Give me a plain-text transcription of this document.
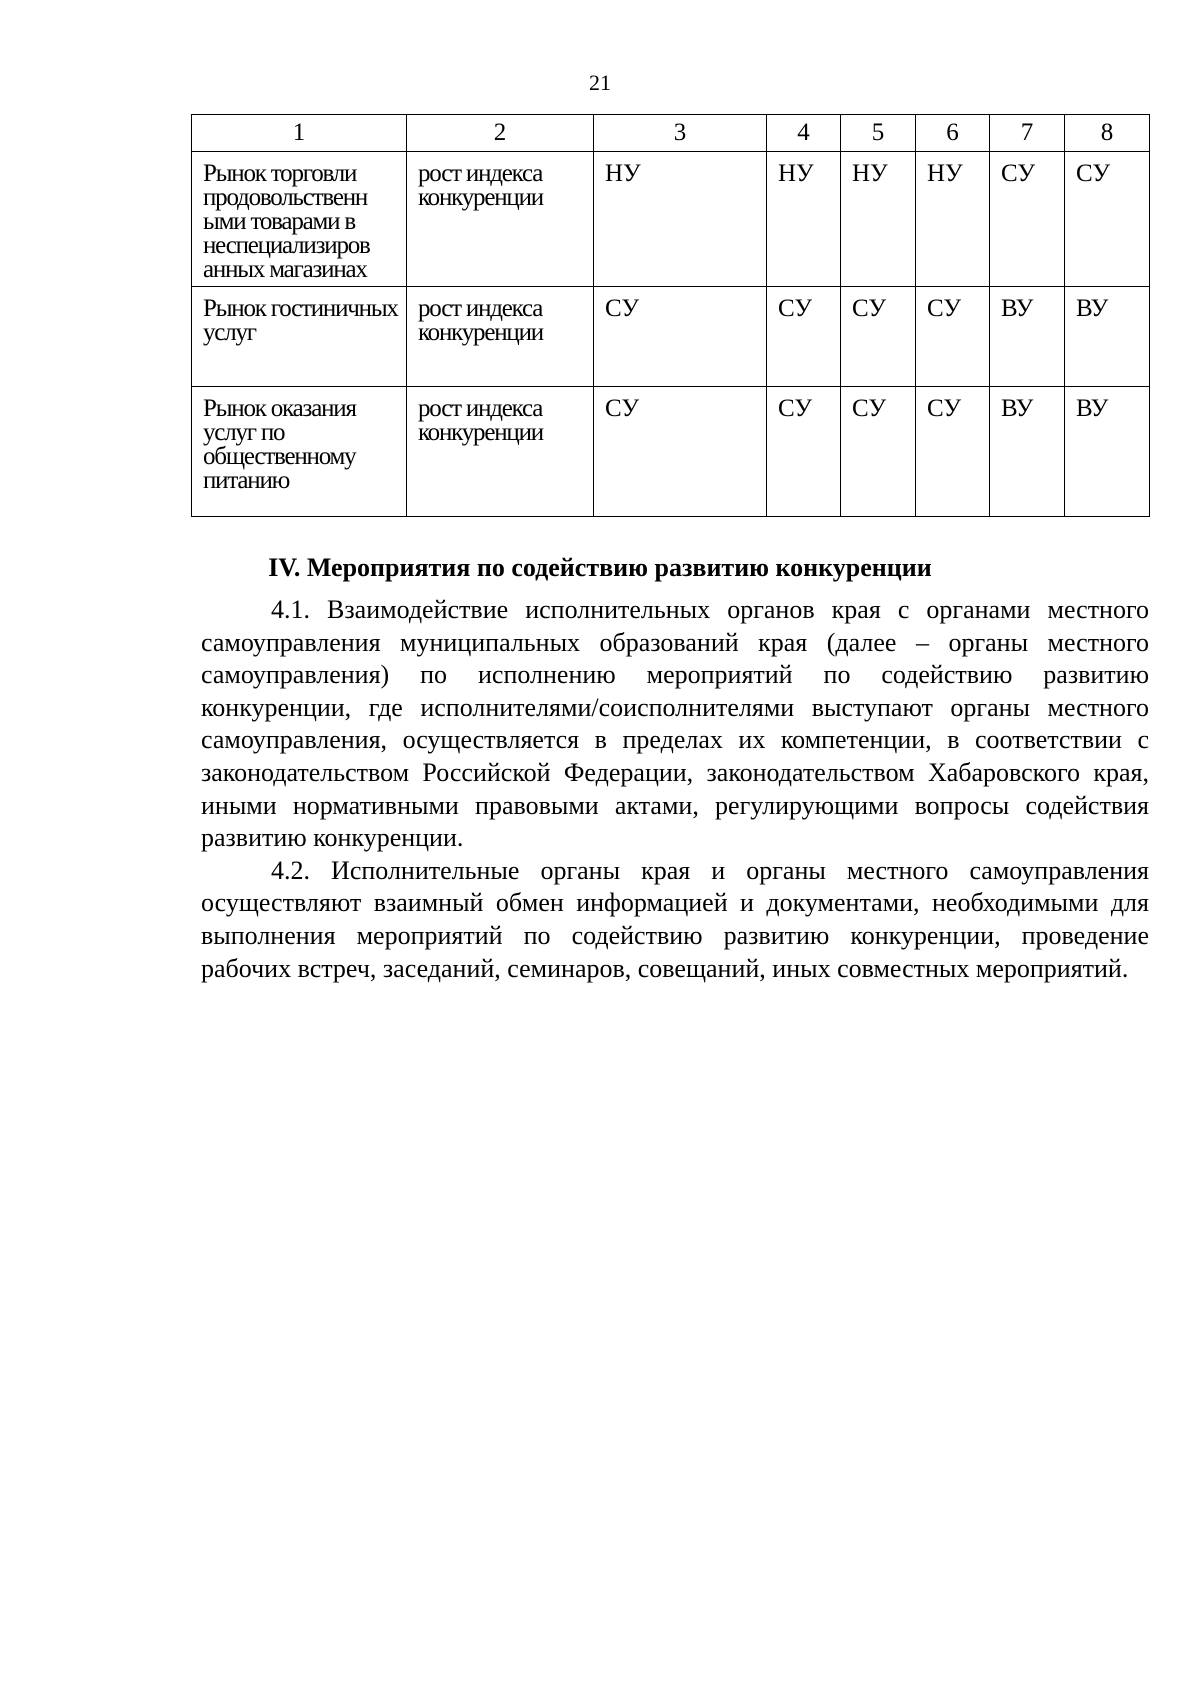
21
1	2	3	4	5	6	7	8
Рынок торговли продовольственн ыми товарами в неспециализиров анных магазинах	рост индекса конкуренции	НУ	НУ	НУ	НУ	СУ	СУ
Рынок гостиничных услуг	рост индекса конкуренции	СУ	СУ	СУ	СУ	ВУ	ВУ
Рынок оказания услуг по общественному питанию	рост индекса конкуренции	СУ	СУ	СУ	СУ	ВУ	ВУ
IV. Мероприятия по содействию развитию конкуренции

4.1. Взаимодействие исполнительных органов края с органами местного самоуправления муниципальных образований края (далее – органы местного самоуправления) по исполнению мероприятий по содействию развитию конкуренции, где исполнителями/соисполнителями выступают органы местного самоуправления, осуществляется в пределах их компетенции, в соответствии с законодательством Российской Федерации, законодательством Хабаровского края, иными нормативными правовыми актами, регулирующими вопросы содействия развитию конкуренции.

4.2. Исполнительные органы края и органы местного самоуправления осуществляют взаимный обмен информацией и документами, необходимыми для выполнения мероприятий по содействию развитию конкуренции, проведение рабочих встреч, заседаний, семинаров, совещаний, иных совместных мероприятий.
